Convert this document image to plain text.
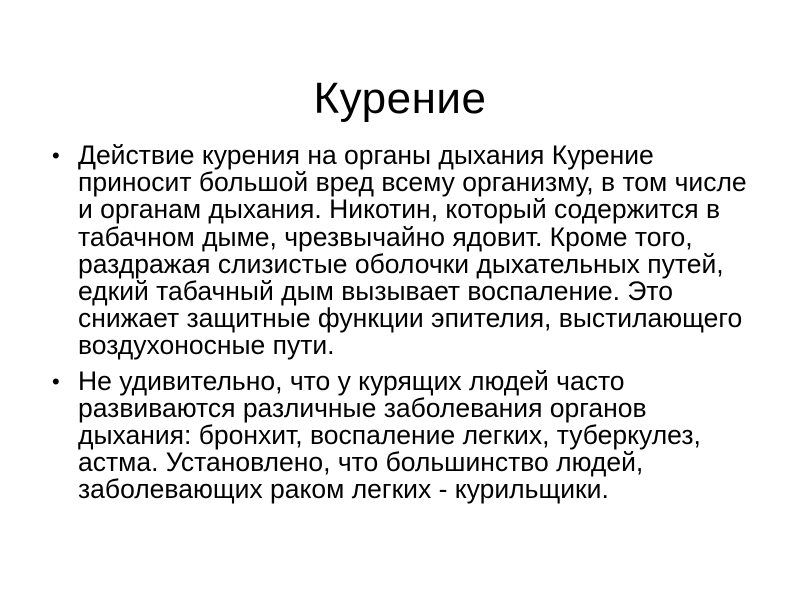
Курение
• Действие курения на органы дыхания Курение приносит большой вред всему организму, в том числе и органам дыхания. Никотин, который содержится в табачном дыме, чрезвычайно ядовит. Кроме того, раздражая слизистые оболочки дыхательных путей, едкий табачный дым вызывает воспаление. Это снижает защитные функции эпителия, выстилающего воздухоносные пути.
• Не удивительно, что у курящих людей часто развиваются различные заболевания органов дыхания: бронхит, воспаление легких, туберкулез, астма. Установлено, что большинство людей, заболевающих раком легких - курильщики.
